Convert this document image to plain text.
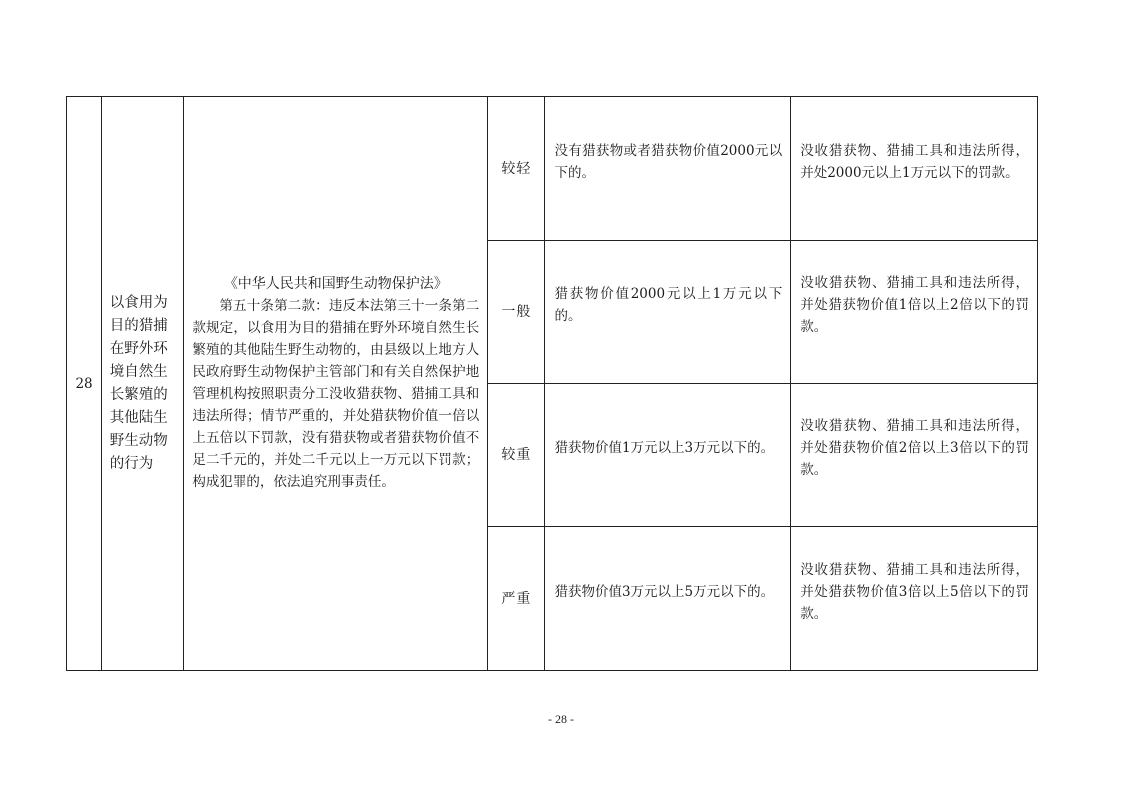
28	以食用为目的猎捕在野外环境自然生长繁殖的其他陆生野生动物的行为	《中华人民共和国野生动物保护法》
第五十条第二款：违反本法第三十一条第二款规定，以食用为目的猎捕在野外环境自然生长繁殖的其他陆生野生动物的，由县级以上地方人民政府野生动物保护主管部门和有关自然保护地管理机构按照职责分工没收猎获物、猎捕工具和违法所得；情节严重的，并处猎获物价值一倍以上五倍以下罚款，没有猎获物或者猎获物价值不足二千元的，并处二千元以上一万元以下罚款；构成犯罪的，依法追究刑事责任。	较轻	没有猎获物或者猎获物价值2000元以下的。	没收猎获物、猎捕工具和违法所得，并处2000元以上1万元以下的罚款。

			一般	猎获物价值2000元以上1万元以下的。	没收猎获物、猎捕工具和违法所得，并处猎获物价值1倍以上2倍以下的罚款。

			较重	猎获物价值1万元以上3万元以下的。	没收猎获物、猎捕工具和违法所得，并处猎获物价值2倍以上3倍以下的罚款。

			严重	猎获物价值3万元以上5万元以下的。	没收猎获物、猎捕工具和违法所得，并处猎获物价值3倍以上5倍以下的罚款。
- 28 -
